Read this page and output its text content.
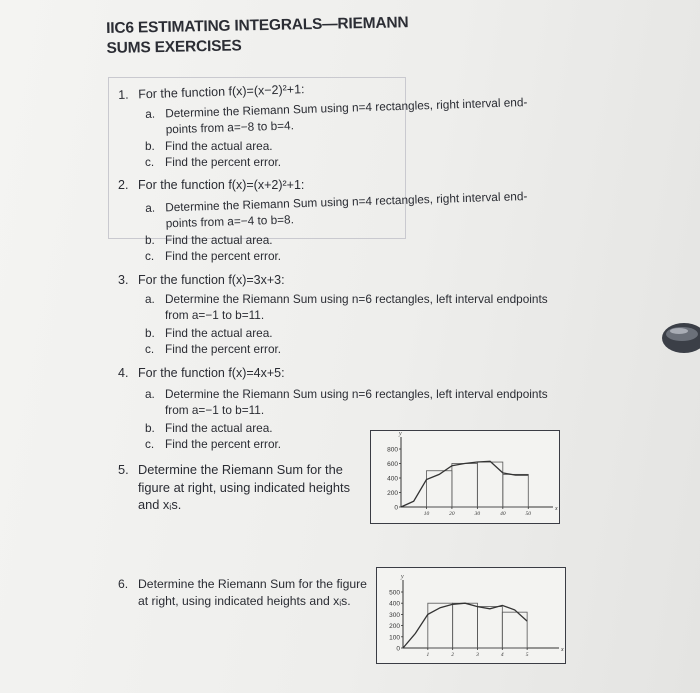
IIC6 ESTIMATING INTEGRALS—RIEMANN
SUMS EXERCISES
1. For the function f(x)=(x−2)²+1:
a. Determine the Riemann Sum using n=4 rectangles, right interval end-
points from a=−8 to b=4.
b. Find the actual area.
c. Find the percent error.
2. For the function f(x)=(x+2)²+1:
a. Determine the Riemann Sum using n=4 rectangles, right interval end-
points from a=−4 to b=8.
b. Find the actual area.
c. Find the percent error.
3. For the function f(x)=3x+3:
a. Determine the Riemann Sum using n=6 rectangles, left interval endpoints
from a=−1 to b=11.
b. Find the actual area.
c. Find the percent error.
4. For the function f(x)=4x+5:
a. Determine the Riemann Sum using n=6 rectangles, left interval endpoints
from a=−1 to b=11.
b. Find the actual area.
c. Find the percent error.
5. Determine the Riemann Sum for the
figure at right, using indicated heights
and xᵢs.
6. Determine the Riemann Sum for the figure
at right, using indicated heights and xᵢs.
x
y
800
600
400
200
0
10	20	30	40	50
x
y
500
400
300
200
100
0
1	2	3	4	5
